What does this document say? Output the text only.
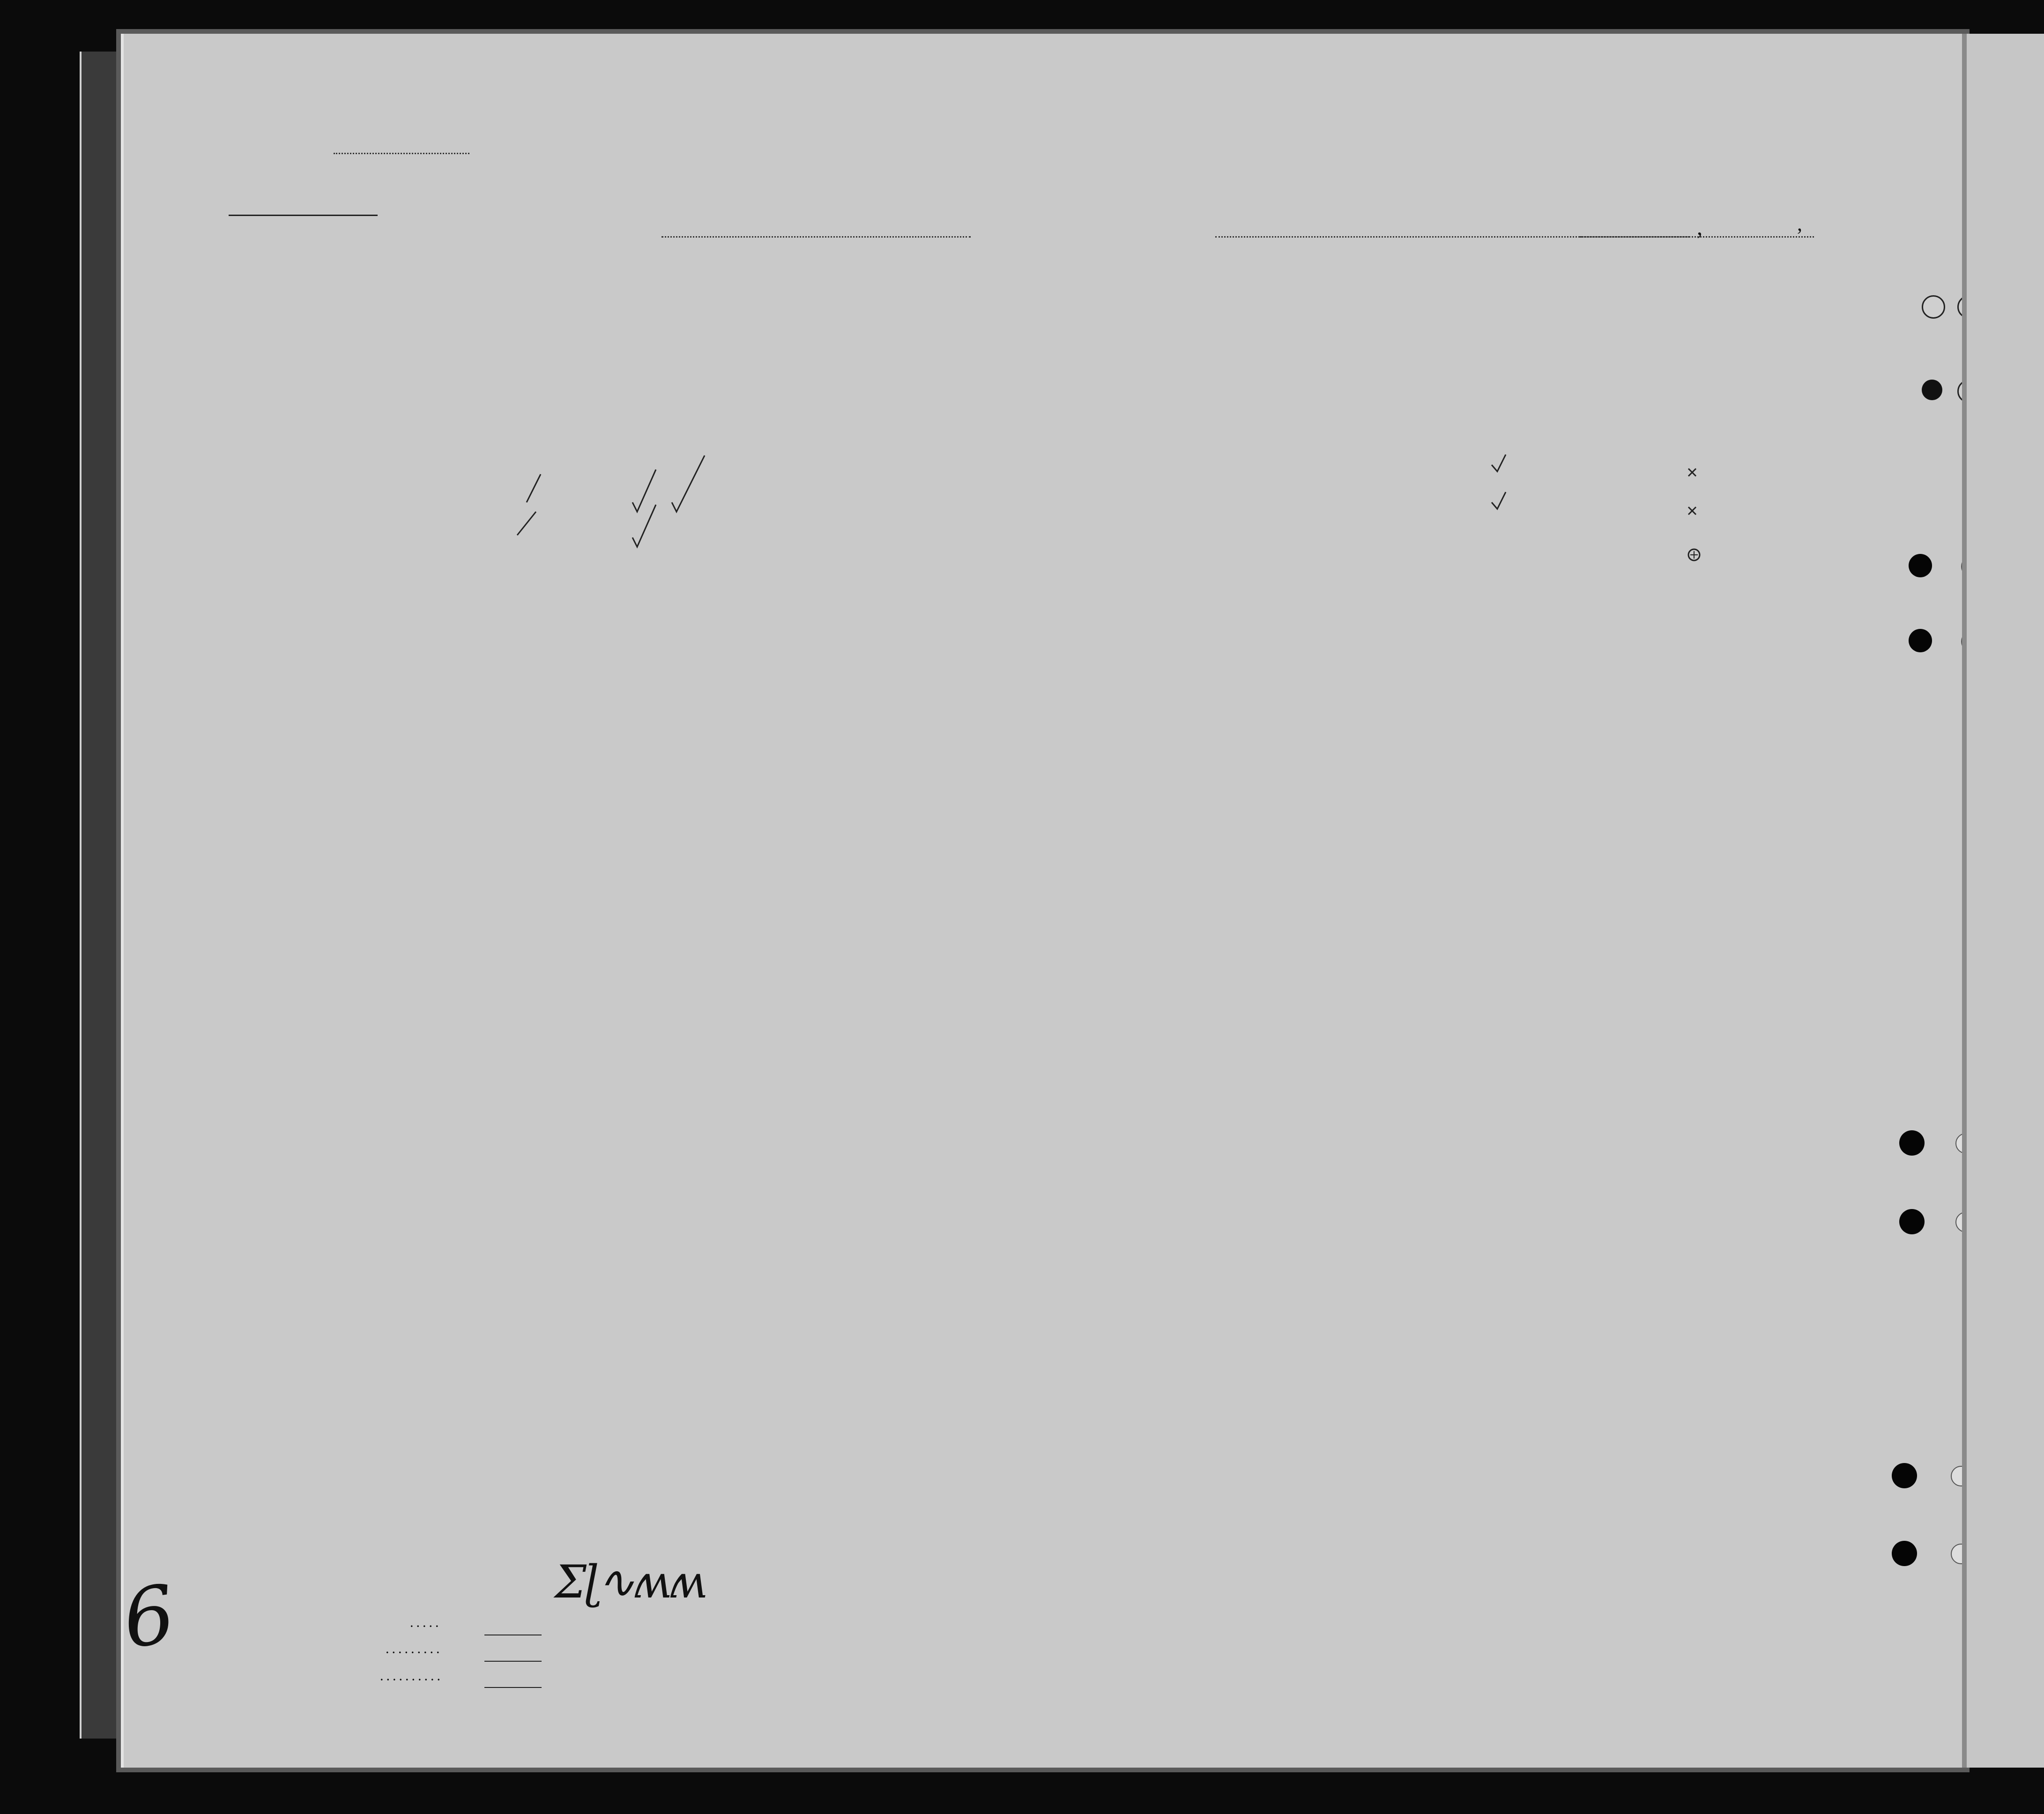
,	,
Ʃɭ∿ʍʍ
6	.....
.........
..........
